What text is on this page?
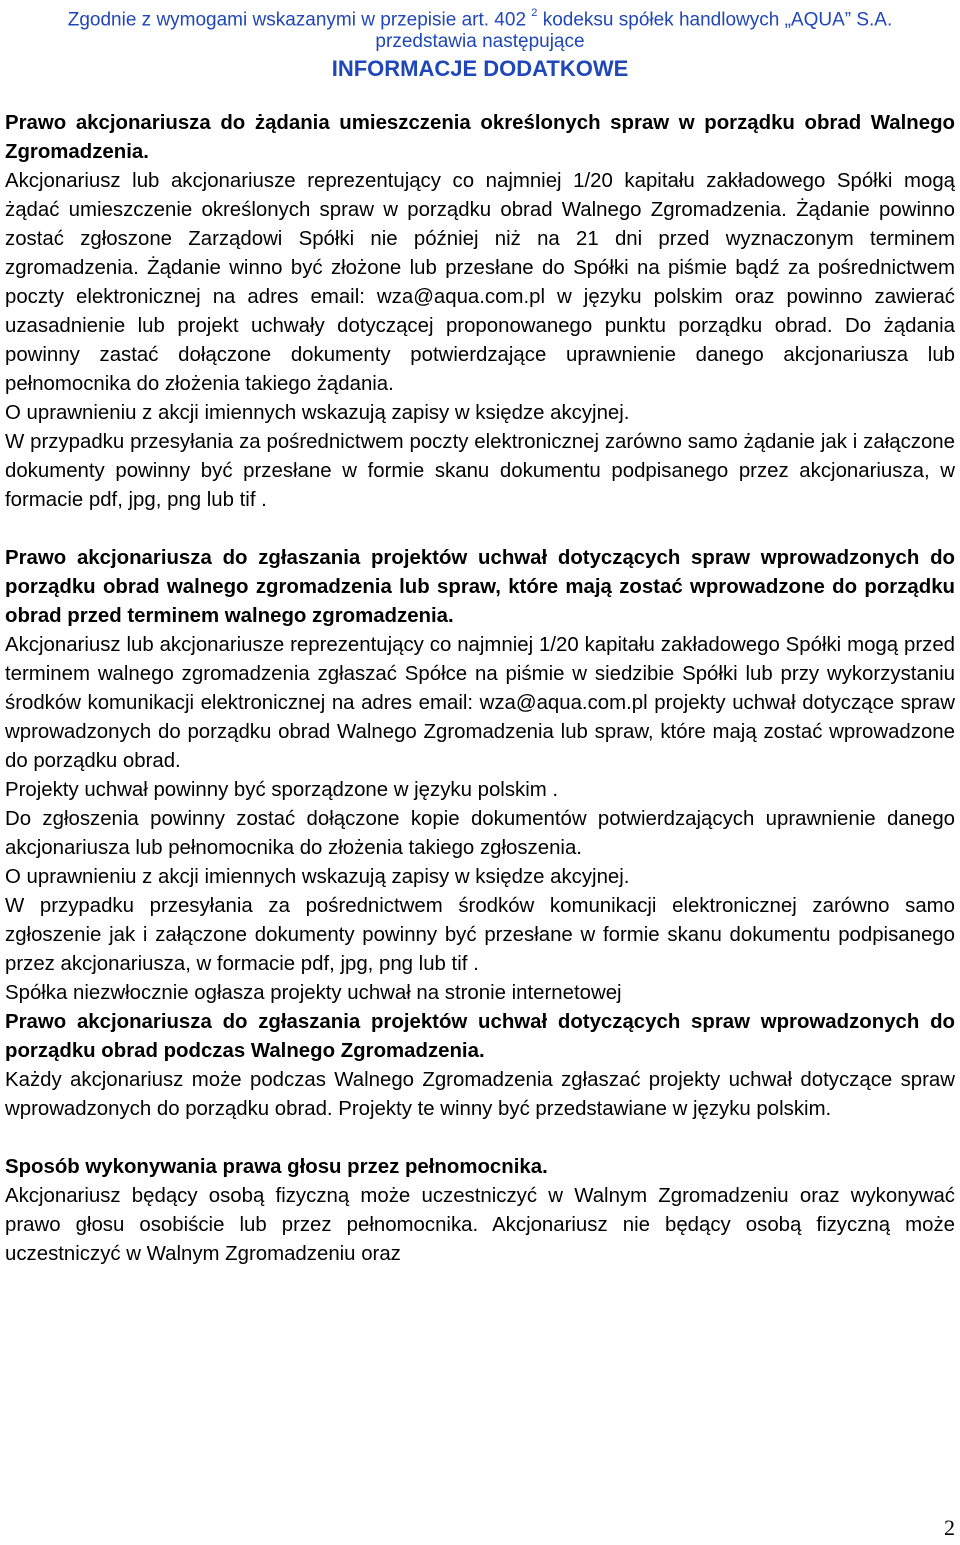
Zgodnie z wymogami wskazanymi w przepisie art. 402 $^2$ kodeksu spółek handlowych „AQUA” S.A.
przedstawia następujące
INFORMACJE DODATKOWE

Prawo akcjonariusza do żądania umieszczenia określonych spraw w porządku obrad Walnego Zgromadzenia.

Akcjonariusz lub akcjonariusze reprezentujący co najmniej 1/20 kapitału zakładowego Spółki mogą żądać umieszczenie określonych spraw w porządku obrad Walnego Zgromadzenia. Żądanie powinno zostać zgłoszone Zarządowi Spółki nie później niż na 21 dni przed wyznaczonym terminem zgromadzenia. Żądanie winno być złożone lub przesłane do Spółki na piśmie bądź za pośrednictwem poczty elektronicznej na adres email: wza@aqua.com.pl w języku polskim oraz powinno zawierać uzasadnienie lub projekt uchwały dotyczącej proponowanego punktu porządku obrad. Do żądania powinny zastać dołączone dokumenty potwierdzające uprawnienie danego akcjonariusza lub pełnomocnika do złożenia takiego żądania.

O uprawnieniu z akcji imiennych wskazują zapisy w księdze akcyjnej.

W przypadku przesyłania za pośrednictwem poczty elektronicznej zarówno samo żądanie jak i załączone dokumenty powinny być przesłane w formie skanu dokumentu podpisanego przez akcjonariusza, w formacie pdf, jpg, png lub tif .

Prawo akcjonariusza do zgłaszania projektów uchwał dotyczących spraw wprowadzonych do porządku obrad walnego zgromadzenia lub spraw, które mają zostać wprowadzone do porządku obrad przed terminem walnego zgromadzenia.

Akcjonariusz lub akcjonariusze reprezentujący co najmniej 1/20 kapitału zakładowego Spółki mogą przed terminem walnego zgromadzenia zgłaszać Spółce na piśmie w siedzibie Spółki lub przy wykorzystaniu środków komunikacji elektronicznej na adres email: wza@aqua.com.pl projekty uchwał dotyczące spraw wprowadzonych do porządku obrad Walnego Zgromadzenia lub spraw, które mają zostać wprowadzone do porządku obrad.

Projekty uchwał powinny być sporządzone w języku polskim .

Do zgłoszenia powinny zostać dołączone kopie dokumentów potwierdzających uprawnienie danego akcjonariusza lub pełnomocnika do złożenia takiego zgłoszenia.

O uprawnieniu z akcji imiennych wskazują zapisy w księdze akcyjnej.

W przypadku przesyłania za pośrednictwem środków komunikacji elektronicznej zarówno samo zgłoszenie jak i załączone dokumenty powinny być przesłane w formie skanu dokumentu podpisanego przez akcjonariusza, w formacie pdf, jpg, png lub tif .

Spółka niezwłocznie ogłasza projekty uchwał na stronie internetowej

Prawo akcjonariusza do zgłaszania projektów uchwał dotyczących spraw wprowadzonych do porządku obrad podczas Walnego Zgromadzenia.

Każdy akcjonariusz może podczas Walnego Zgromadzenia zgłaszać projekty uchwał dotyczące spraw wprowadzonych do porządku obrad. Projekty te winny być przedstawiane w języku polskim.

Sposób wykonywania prawa głosu przez pełnomocnika.

Akcjonariusz będący osobą fizyczną może uczestniczyć w Walnym Zgromadzeniu oraz wykonywać prawo głosu osobiście lub przez pełnomocnika. Akcjonariusz nie będący osobą fizyczną może uczestniczyć w Walnym Zgromadzeniu oraz

2
